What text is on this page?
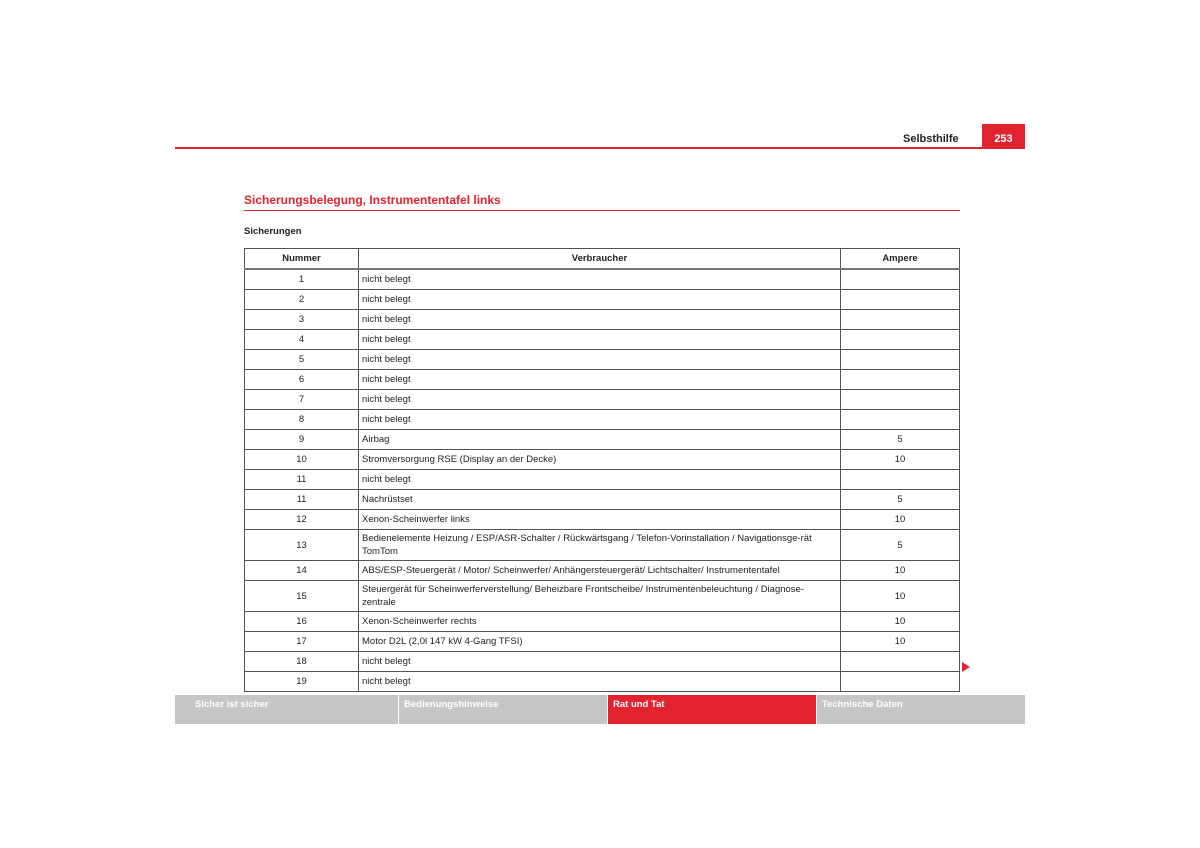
Selbsthilfe	253
Sicherungsbelegung, Instrumententafel links
Sicherungen
Nummer	Verbraucher	Ampere
1	nicht belegt	
2	nicht belegt	
3	nicht belegt	
4	nicht belegt	
5	nicht belegt	
6	nicht belegt	
7	nicht belegt	
8	nicht belegt	
9	Airbag	5
10	Stromversorgung RSE (Display an der Decke)	10
11	nicht belegt	
11	Nachrüstset	5
12	Xenon-Scheinwerfer links	10
13	Bedienelemente Heizung / ESP/ASR-Schalter / Rückwärtsgang / Telefon-Vorinstallation / Navigationsge-rät TomTom	5
14	ABS/ESP-Steuergerät / Motor/ Scheinwerfer/ Anhängersteuergerät/ Lichtschalter/ Instrumententafel	10
15	Steuergerät für Scheinwerferverstellung/ Beheizbare Frontscheibe/ Instrumentenbeleuchtung / Diagnose-zentrale	10
16	Xenon-Scheinwerfer rechts	10
17	Motor D2L (2,0l 147 kW 4-Gang TFSI)	10
18	nicht belegt	
19	nicht belegt	
Sicher ist sicher	Bedienungshinweise	Rat und Tat	Technische Daten
